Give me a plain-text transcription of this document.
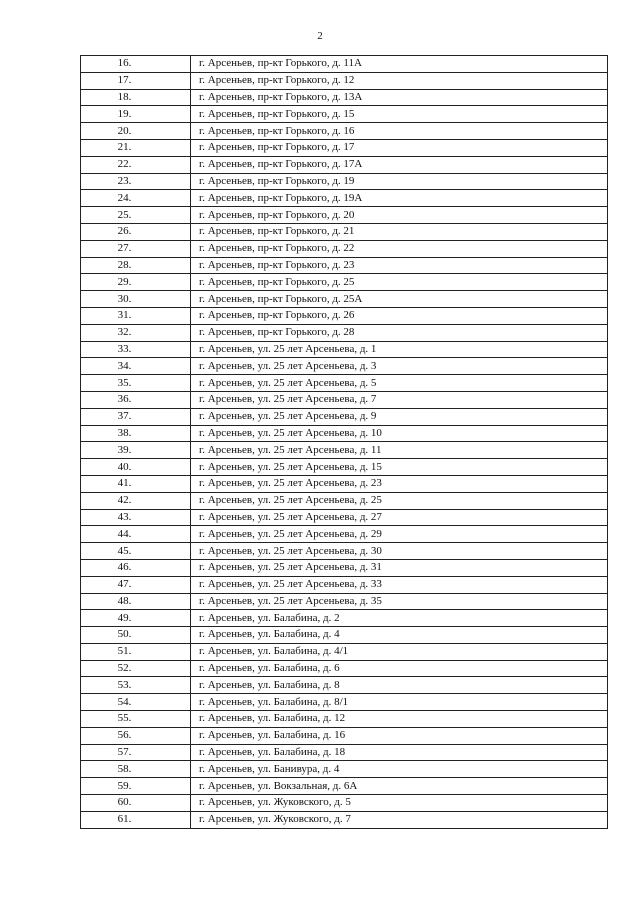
2
16.	г. Арсеньев, пр-кт Горького, д. 11А
17.	г. Арсеньев, пр-кт Горького, д. 12
18.	г. Арсеньев, пр-кт Горького, д. 13А
19.	г. Арсеньев, пр-кт Горького, д. 15
20.	г. Арсеньев, пр-кт Горького, д. 16
21.	г. Арсеньев, пр-кт Горького, д. 17
22.	г. Арсеньев, пр-кт Горького, д. 17А
23.	г. Арсеньев, пр-кт Горького, д. 19
24.	г. Арсеньев, пр-кт Горького, д. 19А
25.	г. Арсеньев, пр-кт Горького, д. 20
26.	г. Арсеньев, пр-кт Горького, д. 21
27.	г. Арсеньев, пр-кт Горького, д. 22
28.	г. Арсеньев, пр-кт Горького, д. 23
29.	г. Арсеньев, пр-кт Горького, д. 25
30.	г. Арсеньев, пр-кт Горького, д. 25А
31.	г. Арсеньев, пр-кт Горького, д. 26
32.	г. Арсеньев, пр-кт Горького, д. 28
33.	г. Арсеньев, ул. 25 лет Арсеньева, д. 1
34.	г. Арсеньев, ул. 25 лет Арсеньева, д. 3
35.	г. Арсеньев, ул. 25 лет Арсеньева, д. 5
36.	г. Арсеньев, ул. 25 лет Арсеньева, д. 7
37.	г. Арсеньев, ул. 25 лет Арсеньева, д. 9
38.	г. Арсеньев, ул. 25 лет Арсеньева, д. 10
39.	г. Арсеньев, ул. 25 лет Арсеньева, д. 11
40.	г. Арсеньев, ул. 25 лет Арсеньева, д. 15
41.	г. Арсеньев, ул. 25 лет Арсеньева, д. 23
42.	г. Арсеньев, ул. 25 лет Арсеньева, д. 25
43.	г. Арсеньев, ул. 25 лет Арсеньева, д. 27
44.	г. Арсеньев, ул. 25 лет Арсеньева, д. 29
45.	г. Арсеньев, ул. 25 лет Арсеньева, д. 30
46.	г. Арсеньев, ул. 25 лет Арсеньева, д. 31
47.	г. Арсеньев, ул. 25 лет Арсеньева, д. 33
48.	г. Арсеньев, ул. 25 лет Арсеньева, д. 35
49.	г. Арсеньев, ул. Балабина, д. 2
50.	г. Арсеньев, ул. Балабина, д. 4
51.	г. Арсеньев, ул. Балабина, д. 4/1
52.	г. Арсеньев, ул. Балабина, д. 6
53.	г. Арсеньев, ул. Балабина, д. 8
54.	г. Арсеньев, ул. Балабина, д. 8/1
55.	г. Арсеньев, ул. Балабина, д. 12
56.	г. Арсеньев, ул. Балабина, д. 16
57.	г. Арсеньев, ул. Балабина, д. 18
58.	г. Арсеньев, ул. Банивура, д. 4
59.	г. Арсеньев, ул. Вокзальная, д. 6А
60.	г. Арсеньев, ул. Жуковского, д. 5
61.	г. Арсеньев, ул. Жуковского, д. 7
